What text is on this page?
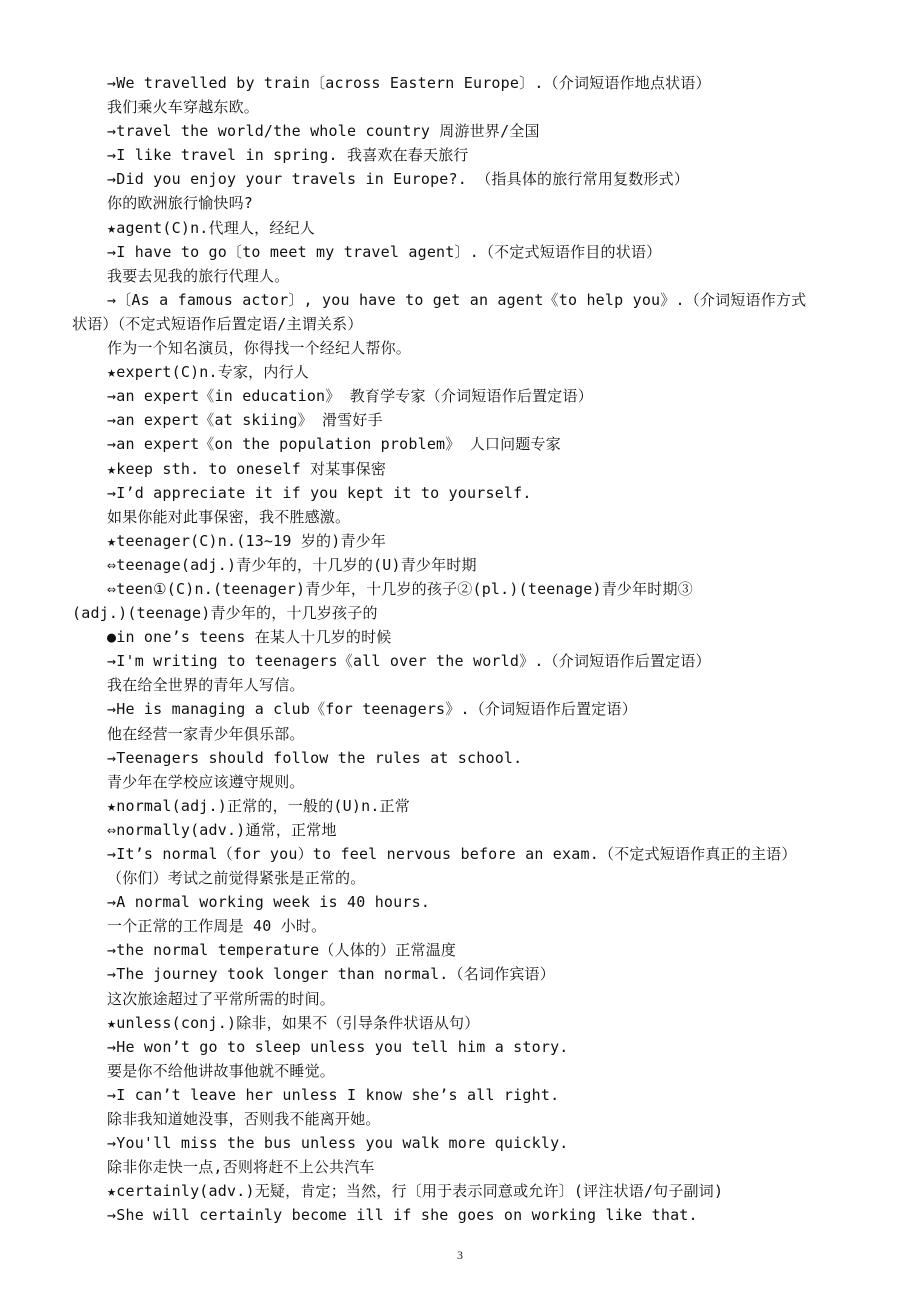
→We travelled by train〔across Eastern Europe〕.（介词短语作地点状语）
我们乘火车穿越东欧。
→travel the world/the whole country 周游世界/全国
→I like travel in spring. 我喜欢在春天旅行
→Did you enjoy your travels in Europe?. （指具体的旅行常用复数形式）
你的欧洲旅行愉快吗?
★agent(C)n.代理人，经纪人
→I have to go〔to meet my travel agent〕.（不定式短语作目的状语）
我要去见我的旅行代理人。
→〔As a famous actor〕, you have to get an agent《to help you》.（介词短语作方式
状语）（不定式短语作后置定语/主谓关系）
作为一个知名演员，你得找一个经纪人帮你。
★expert(C)n.专家，内行人
→an expert《in education》 教育学专家（介词短语作后置定语）
→an expert《at skiing》 滑雪好手
→an expert《on the population problem》 人口问题专家
★keep sth. to oneself 对某事保密
→I’d appreciate it if you kept it to yourself.
如果你能对此事保密，我不胜感激。
★teenager(C)n.(13~19 岁的)青少年
⇔teenage(adj.)青少年的，十几岁的(U)青少年时期
⇔teen①(C)n.(teenager)青少年，十几岁的孩子②(pl.)(teenage)青少年时期③
(adj.)(teenage)青少年的，十几岁孩子的
●in one’s teens 在某人十几岁的时候
→I'm writing to teenagers《all over the world》.（介词短语作后置定语）
我在给全世界的青年人写信。
→He is managing a club《for teenagers》.（介词短语作后置定语）
他在经营一家青少年俱乐部。
→Teenagers should follow the rules at school.
青少年在学校应该遵守规则。
★normal(adj.)正常的，一般的(U)n.正常
⇔normally(adv.)通常，正常地
→It’s normal（for you）to feel nervous before an exam.（不定式短语作真正的主语）
（你们）考试之前觉得紧张是正常的。
→A normal working week is 40 hours.
一个正常的工作周是 40 小时。
→the normal temperature（人体的）正常温度
→The journey took longer than normal.（名词作宾语）
这次旅途超过了平常所需的时间。
★unless(conj.)除非，如果不（引导条件状语从句）
→He won’t go to sleep unless you tell him a story.
要是你不给他讲故事他就不睡觉。
→I can’t leave her unless I know she’s all right.
除非我知道她没事，否则我不能离开她。
→You'll miss the bus unless you walk more quickly.
除非你走快一点,否则将赶不上公共汽车
★certainly(adv.)无疑，肯定；当然，行〔用于表示同意或允许〕(评注状语/句子副词)
→She will certainly become ill if she goes on working like that.
3
